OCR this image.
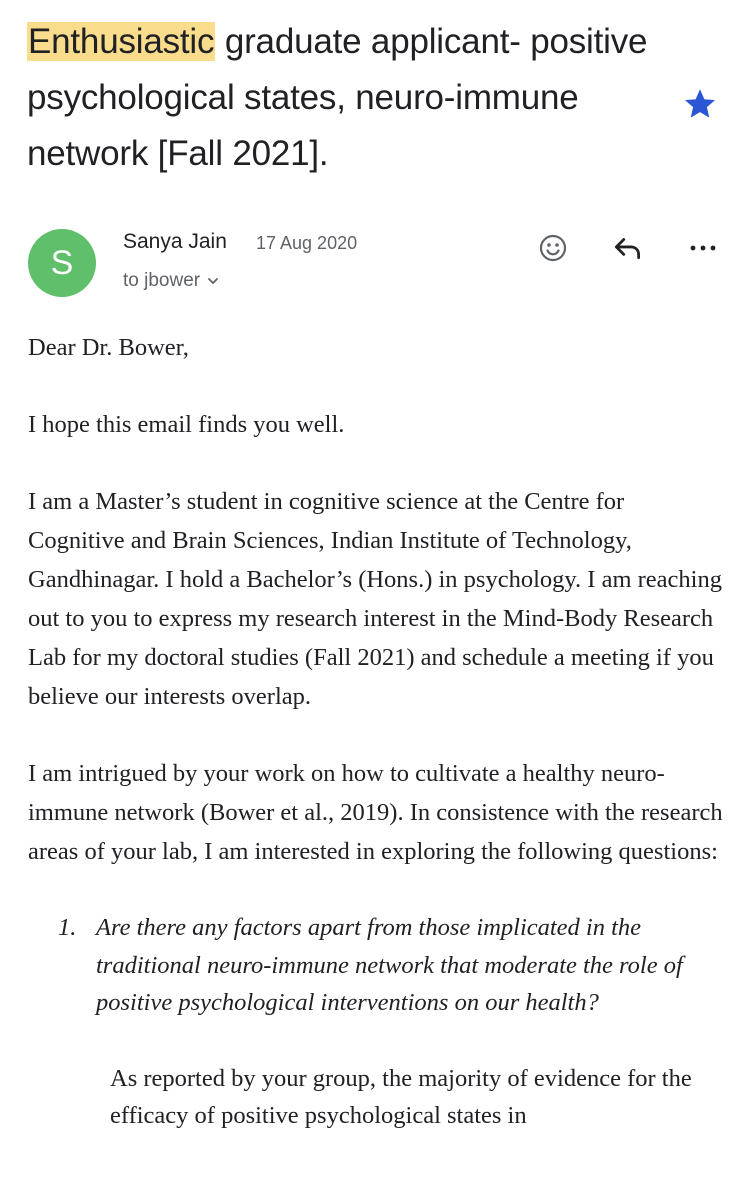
Enthusiastic graduate applicant- positive psychological states, neuro-immune network [Fall 2021].
S
Sanya Jain 17 Aug 2020
to jbower

Dear Dr. Bower,

I hope this email finds you well.

I am a Master’s student in cognitive science at the Centre for Cognitive and Brain Sciences, Indian Institute of Technology, Gandhinagar. I hold a Bachelor’s (Hons.) in psychology. I am reaching out to you to express my research interest in the Mind-Body Research Lab for my doctoral studies (Fall 2021) and schedule a meeting if you believe our interests overlap.

I am intrigued by your work on how to cultivate a healthy neuro-immune network (Bower et al., 2019). In consistence with the research areas of your lab, I am interested in exploring the following questions:

1. Are there any factors apart from those implicated in the traditional neuro-immune network that moderate the role of positive psychological interventions on our health?

As reported by your group, the majority of evidence for the efficacy of positive psychological states in
